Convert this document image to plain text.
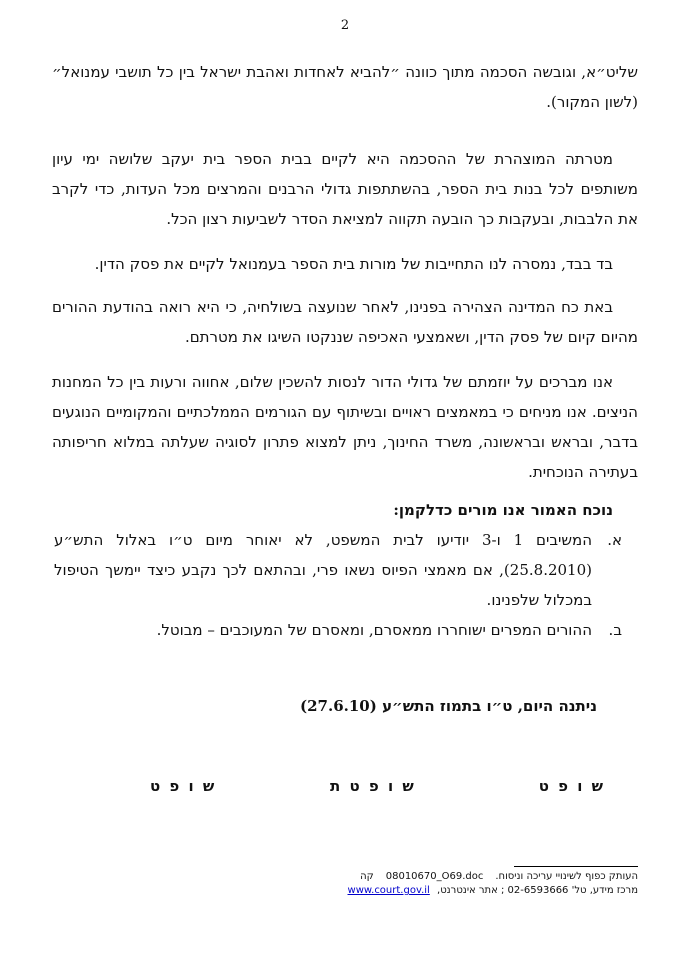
2

שליט״א, וגובשה הסכמה מתוך כוונה ״להביא לאחדות ואהבת ישראל בין כל תושבי עמנואל״ (לשון המקור).

מטרתה המוצהרת של ההסכמה היא לקיים בבית הספר בית יעקב שלושה ימי עיון משותפים לכל בנות בית הספר, בהשתתפות גדולי הרבנים והמרצים מכל העדות, כדי לקרב את הלבבות, ובעקבות כך הובעה תקווה למציאת הסדר לשביעות רצון הכל.

בד בבד, נמסרה לנו התחייבות של מורות בית הספר בעמנואל לקיים את פסק הדין.

באת כח המדינה הצהירה בפנינו, לאחר שנועצה בשולחיה, כי היא רואה בהודעת ההורים מהיום קיום של פסק הדין, ושאמצעי האכיפה שננקטו השיגו את מטרתם.

אנו מברכים על יוזמתם של גדולי הדור לנסות להשכין שלום, אחווה ורעות בין כל המחנות הניצים. אנו מניחים כי במאמצים ראויים ובשיתוף עם הגורמים הממלכתיים והמקומיים הנוגעים בדבר, ובראש ובראשונה, משרד החינוך, ניתן למצוא פתרון לסוגיה שעלתה במלוא חריפותה בעתירה הנוכחית.

נוכח האמור אנו מורים כדלקמן:

א.
המשיבים 1 ו-3 יודיעו לבית המשפט, לא יאוחר מיום ט״ו באלול התש״ע (25.8.2010), אם מאמצי הפיוס נשאו פרי, ובהתאם לכך נקבע כיצד יימשך הטיפול במכלול שלפנינו.
ב.
ההורים המפרים ישוחררו ממאסרם, ומאסרם של המעוכבים – מבוטל.

ניתנה היום, ט״ו בתמוז התש״ע (27.6.10)

ש ו פ ט
ש ו פ ט ת
ש ו פ ט
העותק כפוף לשינויי עריכה וניסוח.
08010670_O69.doc
קה
מרכז מידע, טל' 02-6593666 ; אתר אינטרנט, www.court.gov.il
